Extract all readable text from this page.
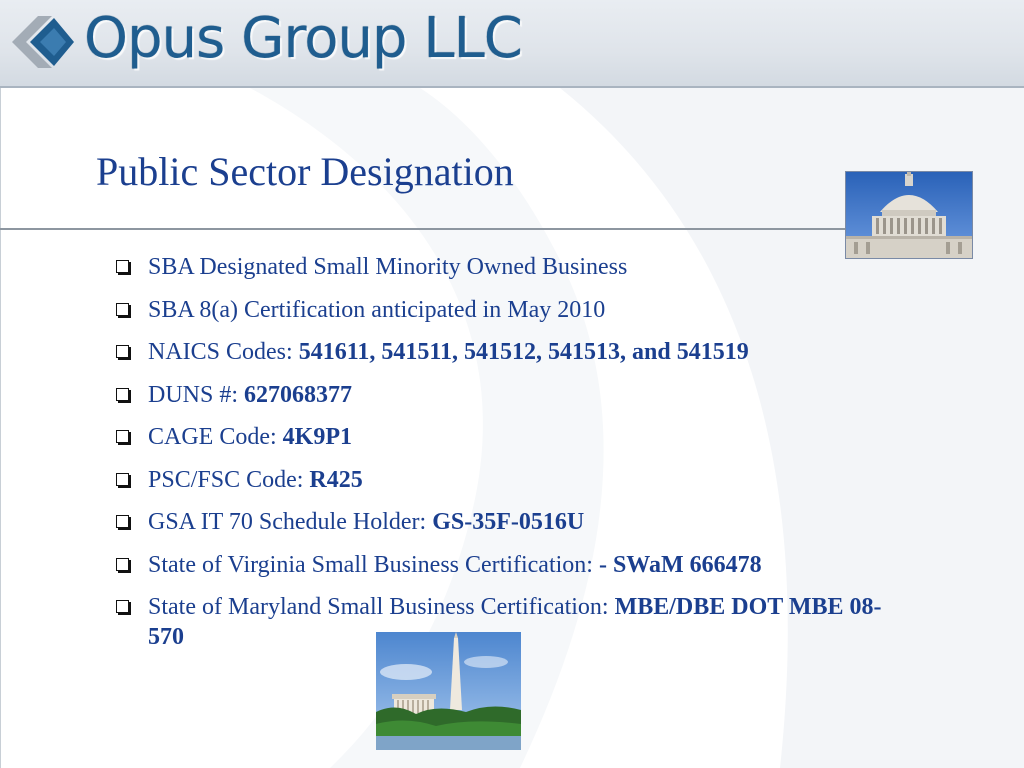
Opus Group LLC
Public Sector Designation
SBA Designated Small Minority Owned Business
SBA 8(a) Certification anticipated in May 2010
NAICS Codes: 541611, 541511, 541512, 541513, and 541519
DUNS #: 627068377
CAGE Code: 4K9P1
PSC/FSC Code: R425
GSA IT 70 Schedule Holder: GS-35F-0516U
State of Virginia Small Business Certification: - SWaM 666478
State of Maryland Small Business Certification: MBE/DBE DOT MBE 08-570
